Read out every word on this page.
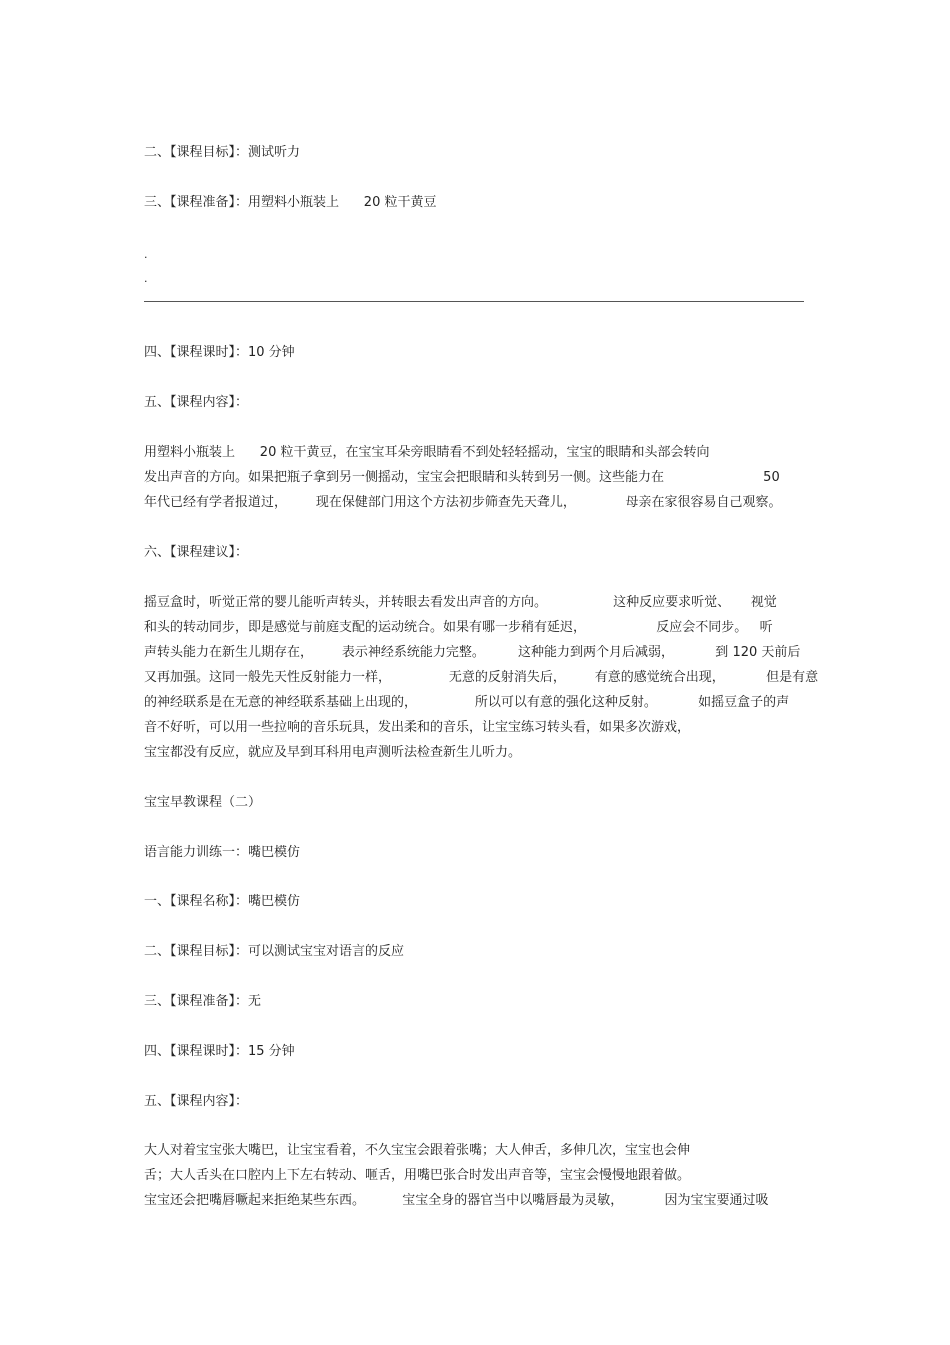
二、【课程目标】：测试听力

三、【课程准备】：用塑料小瓶装上      20 粒干黄豆

.
.

四、【课程课时】：10 分钟

五、【课程内容】：

用塑料小瓶装上      20 粒干黄豆，在宝宝耳朵旁眼睛看不到处轻轻摇动，宝宝的眼睛和头部会转向

发出声音的方向。如果把瓶子拿到另一侧摇动，宝宝会把眼睛和头转到另一侧。这些能力在                        50

年代已经有学者报道过，       现在保健部门用这个方法初步筛查先天聋儿，            母亲在家很容易自己观察。

六、【课程建议】：

摇豆盒时，听觉正常的婴儿能听声转头，并转眼去看发出声音的方向。                这种反应要求听觉、     视觉

和头的转动同步，即是感觉与前庭支配的运动统合。如果有哪一步稍有延迟，                 反应会不同步。   听

声转头能力在新生儿期存在，       表示神经系统能力完整。        这种能力到两个月后减弱，          到 120 天前后

又再加强。这同一般先天性反射能力一样，              无意的反射消失后，       有意的感觉统合出现，          但是有意

的神经联系是在无意的神经联系基础上出现的，              所以可以有意的强化这种反射。          如摇豆盒子的声

音不好听，可以用一些拉响的音乐玩具，发出柔和的音乐，让宝宝练习转头看，如果多次游戏，

宝宝都没有反应，就应及早到耳科用电声测听法检查新生儿听力。

宝宝早教课程（二）

语言能力训练一：嘴巴模仿

一、【课程名称】：嘴巴模仿

二、【课程目标】：可以测试宝宝对语言的反应

三、【课程准备】：无

四、【课程课时】：15 分钟

五、【课程内容】：

大人对着宝宝张大嘴巴，让宝宝看着，不久宝宝会跟着张嘴；大人伸舌，多伸几次，宝宝也会伸

舌；大人舌头在口腔内上下左右转动、咂舌，用嘴巴张合时发出声音等，宝宝会慢慢地跟着做。

宝宝还会把嘴唇噘起来拒绝某些东西。         宝宝全身的器官当中以嘴唇最为灵敏，          因为宝宝要通过吸
